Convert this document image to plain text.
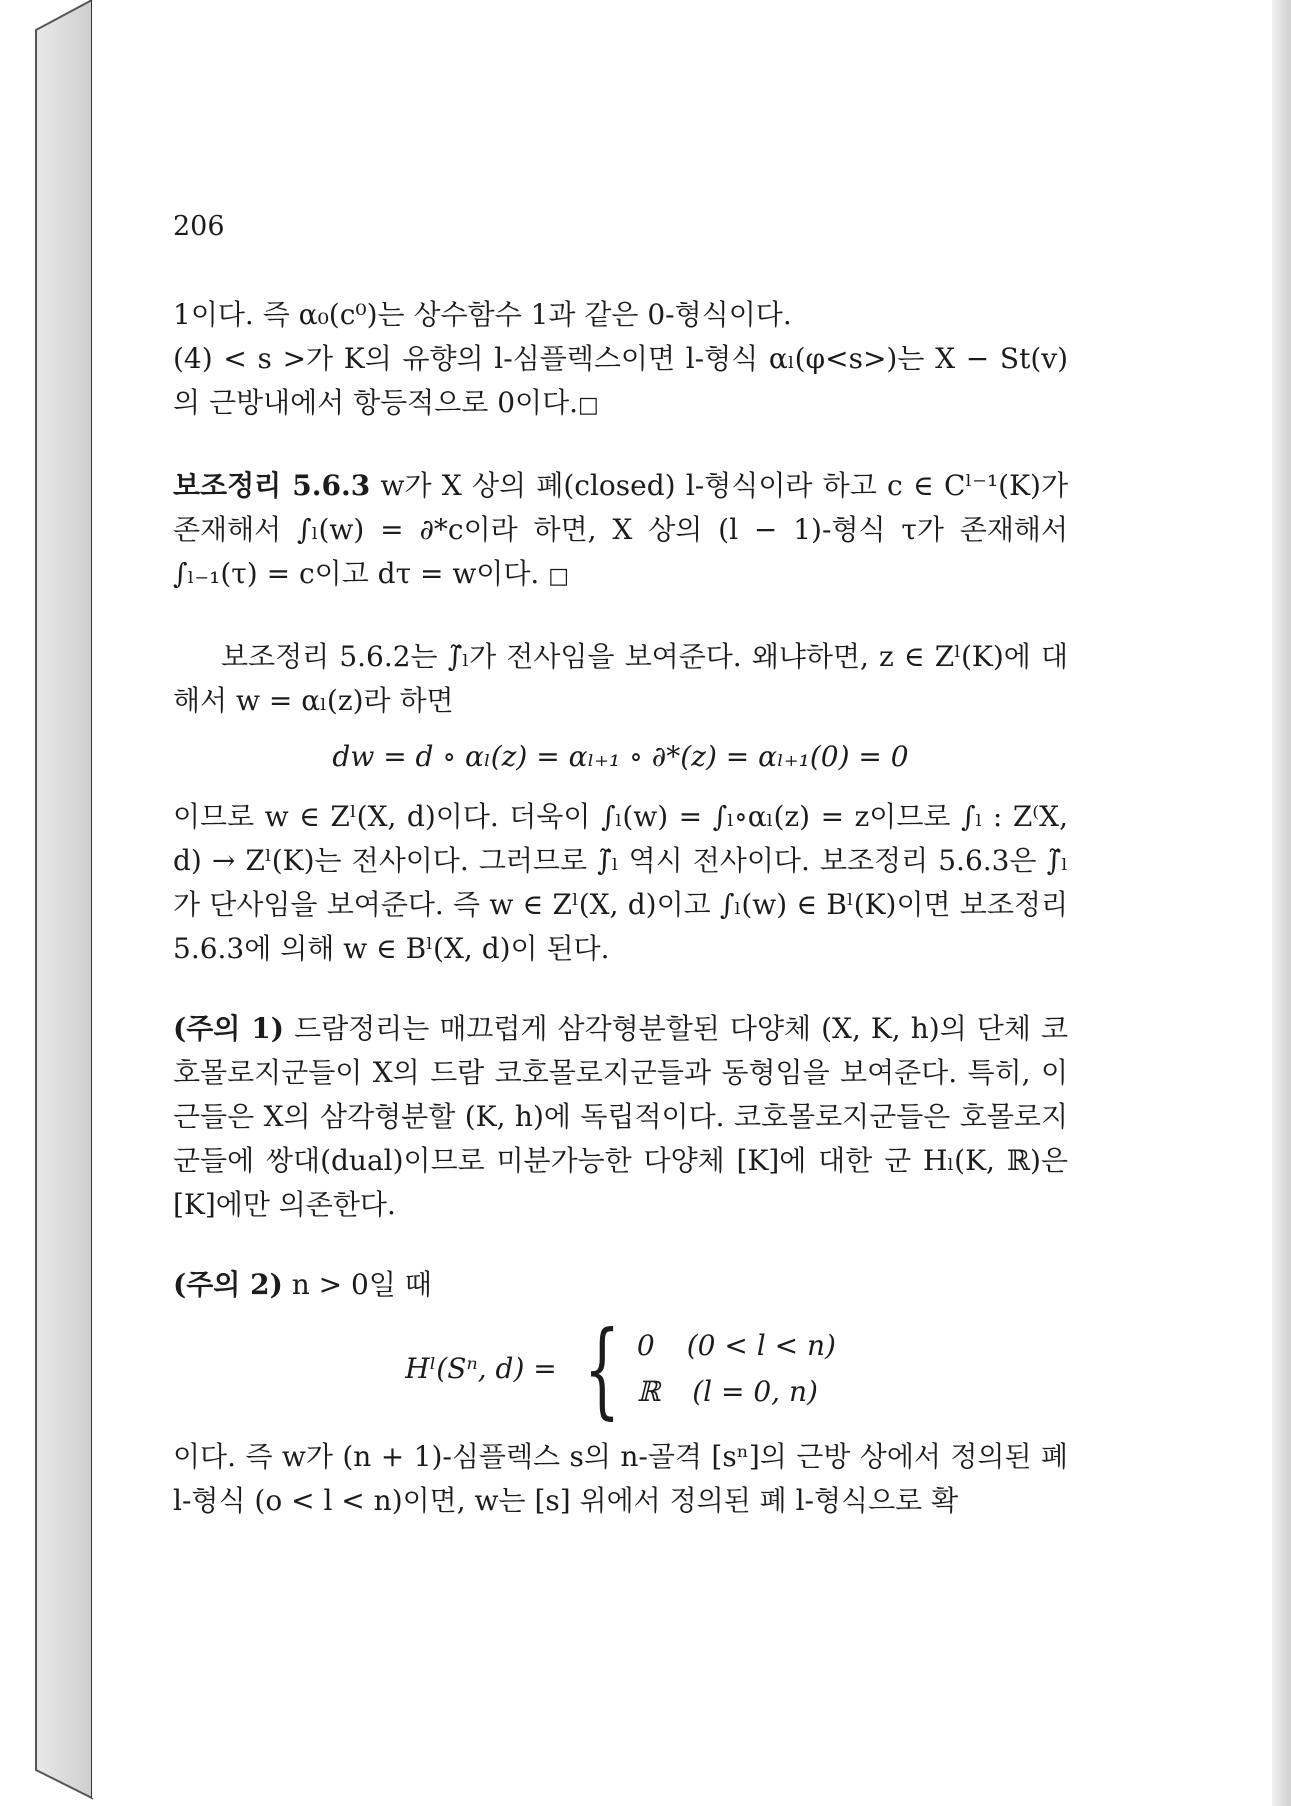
206

1이다. 즉 α₀(c⁰)는 상수함수 1과 같은 0-형식이다.

(4) < s >가 K의 유향의 l-심플렉스이면 l-형식 αₗ(φ<s>)는 X − St(v)의 근방내에서 항등적으로 0이다.□

보조정리 5.6.3 w가 X 상의 폐(closed) l-형식이라 하고 c ∈ Cˡ⁻¹(K)가 존재해서 ∫ₗ(w) = ∂*c이라 하면, X 상의 (l − 1)-형식 τ가 존재해서 ∫ₗ₋₁(τ) = c이고 dτ = w이다. □

보조정리 5.6.2는 ∫̃ₗ가 전사임을 보여준다. 왜냐하면, z ∈ Zˡ(K)에 대해서 w = αₗ(z)라 하면

dw = d ∘ αₗ(z) = αₗ₊₁ ∘ ∂*(z) = αₗ₊₁(0) = 0

이므로 w ∈ Zˡ(X, d)이다. 더욱이 ∫ₗ(w) = ∫ₗ∘αₗ(z) = z이므로 ∫ₗ : Z⁽X, d) → Zˡ(K)는 전사이다. 그러므로 ∫̃ₗ 역시 전사이다. 보조정리 5.6.3은 ∫̃ₗ가 단사임을 보여준다. 즉 w ∈ Zˡ(X, d)이고 ∫ₗ(w) ∈ Bˡ(K)이면 보조정리 5.6.3에 의해 w ∈ Bˡ(X, d)이 된다.

(주의 1) 드람정리는 매끄럽게 삼각형분할된 다양체 (X, K, h)의 단체 코호몰로지군들이 X의 드람 코호몰로지군들과 동형임을 보여준다. 특히, 이 근들은 X의 삼각형분할 (K, h)에 독립적이다. 코호몰로지군들은 호몰로지군들에 쌍대(dual)이므로 미분가능한 다양체 [K]에 대한 군 Hₗ(K, ℝ)은 [K]에만 의존한다.

(주의 2) n > 0일 때

Hˡ(Sⁿ, d) = { 0 (0 < l < n)
ℝ (l = 0, n)

이다. 즉 w가 (n + 1)-심플렉스 s의 n-골격 [sⁿ]의 근방 상에서 정의된 폐 l-형식 (o < l < n)이면, w는 [s] 위에서 정의된 폐 l-형식으로 확
